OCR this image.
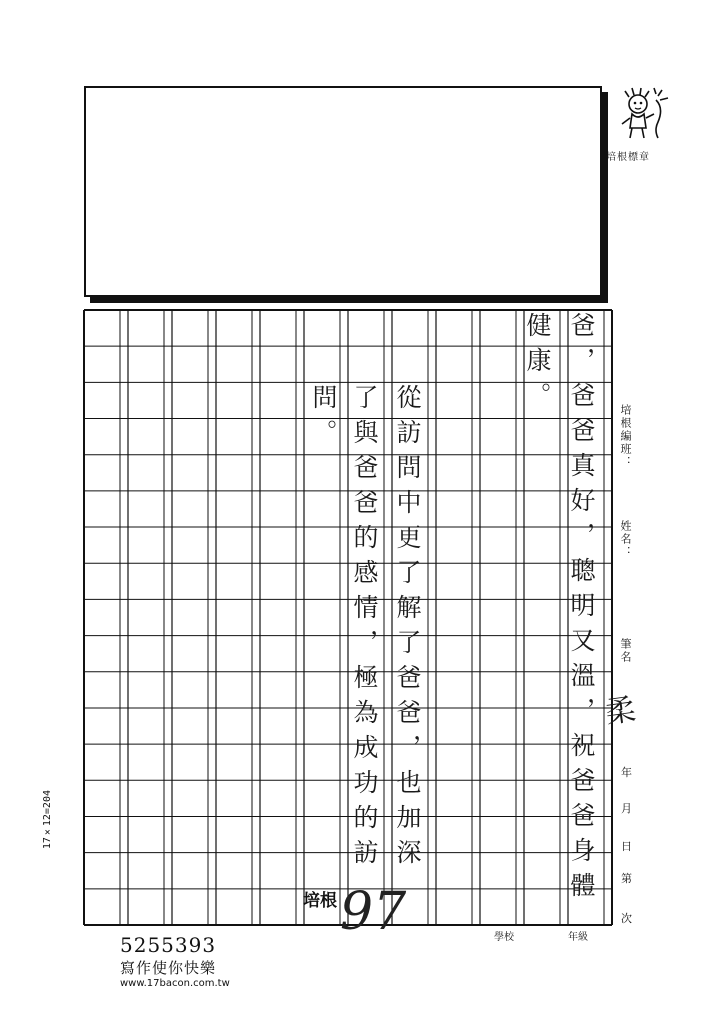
培根標章
爸，爸爸真好，聰明又溫，祝爸爸身體
健康。
從訪問中更了解了爸爸，也加深
了與爸爸的感情，極為成功的訪
問。
柔
培根 97
培根編班：
姓名：
筆名
年
月
日
第
次
學校	年級
17×12=204
5255393
寫作使你快樂
www.17bacon.com.tw
